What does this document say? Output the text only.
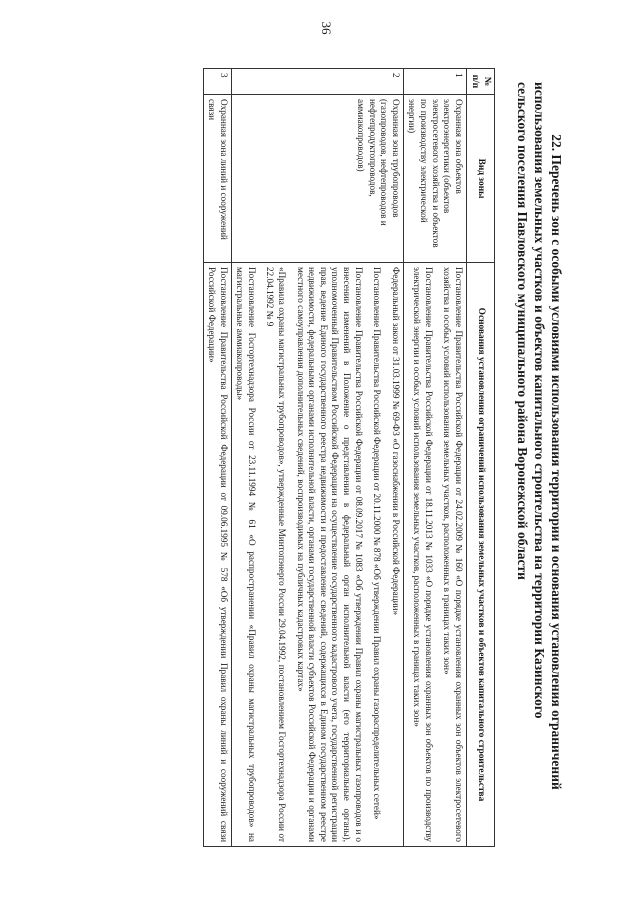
36
22. Перечень зон с особыми условиями использования территории и основания установления ограничений
использования земельных участков и объектов капитального строительства на территории Казинского
сельского поселения Павловского муниципального района Воронежской области
№ п/п	Вид зоны	Основания установления ограничений использования земельных участков и объектов капитального строительства
1	Охранная зона объектов электроэнергетики (объектов электросетевого хозяйства и объектов по производству электрической энергии)	Постановление Правительства Российской Федерации от 24.02.2009 № 160 «О порядке установления охранных зон объектов электросетевого хозяйства и особых условий использования земельных участков, расположенных в границах таких зон»

Постановление Правительства Российской Федерации от 18.11.2013 № 1033 «О порядке установления охранных зон объектов по производству электрической энергии и особых условий использования земельных участков, расположенных в границах таких зон»

2	Охранная зона трубопроводов (газопроводов, нефтепроводов и нефтепродуктопроводов, аммиакопроводов)	Федеральный закон от 31.03.1999 № 69-ФЗ «О газоснабжении в Российской Федерации»

Постановление Правительства Российской Федерации от 20.11.2000 № 878 «Об утверждении Правил охраны газораспределительных сетей»

Постановление Правительства Российской Федерации от 08.09.2017 № 1083 «Об утверждении Правил охраны магистральных газопроводов и о внесении изменений в Положение о представлении в федеральный орган исполнительной власти (его территориальные органы), уполномоченный Правительством Российской Федерации на осуществление государственного кадастрового учета, государственной регистрации прав, ведение Единого государственного реестра недвижимости и предоставление сведений, содержащихся в Едином государственном реестре недвижимости, федеральными органами исполнительной власти, органами государственной власти субъектов Российской Федерации и органами местного самоуправления дополнительных сведений, воспроизводимых на публичных кадастровых картах»

«Правила охраны магистральных трубопроводов», утвержденные Минтопэнерго России 29.04.1992, постановлением Госгортехнадзора России от 22.04.1992 № 9

Постановление Госгортехнадзора России от 23.11.1994 № 61 «О распространении «Правил охраны магистральных трубопроводов» на магистральные аммиакопроводы»

3	Охранная зона линий и сооружений связи	Постановление Правительства Российской Федерации от 09.06.1995 № 578 «Об утверждении Правил охраны линий и сооружений связи Российской Федерации»
